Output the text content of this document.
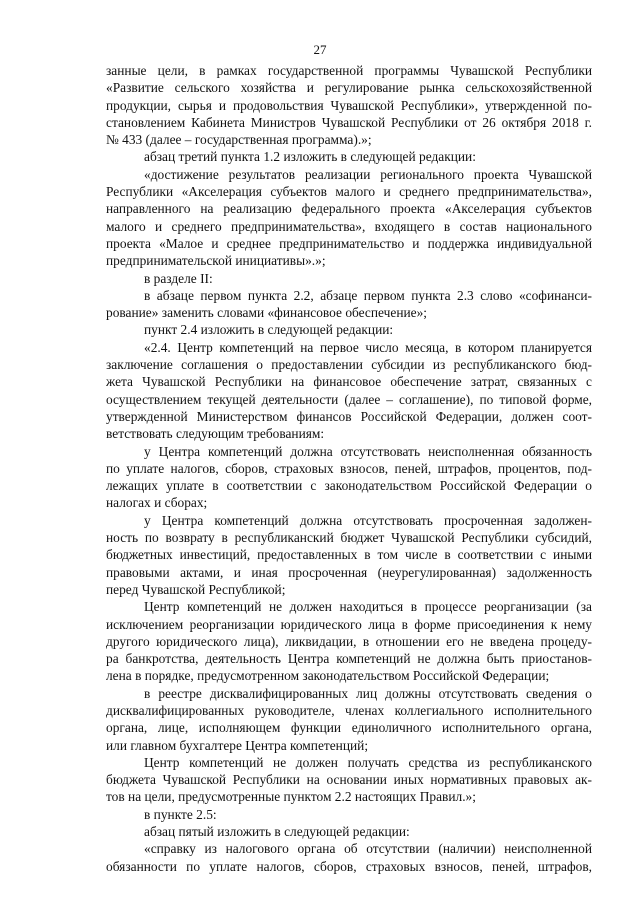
27
занные цели, в рамках государственной программы Чувашской Республики
«Развитие сельского хозяйства и регулирование рынка сельскохозяйственной
продукции, сырья и продовольствия Чувашской Республики», утвержденной по-
становлением Кабинета Министров Чувашской Республики от 26 октября 2018 г.
№ 433 (далее – государственная программа).»;
абзац третий пункта 1.2 изложить в следующей редакции:
«достижение результатов реализации регионального проекта Чувашской
Республики «Акселерация субъектов малого и среднего предпринимательства»,
направленного на реализацию федерального проекта «Акселерация субъектов
малого и среднего предпринимательства», входящего в состав национального
проекта «Малое и среднее предпринимательство и поддержка индивидуальной
предпринимательской инициативы».»;
в разделе II:
в абзаце первом пункта 2.2, абзаце первом пункта 2.3 слово «софинанси-
рование» заменить словами «финансовое обеспечение»;
пункт 2.4 изложить в следующей редакции:
«2.4. Центр компетенций на первое число месяца, в котором планируется
заключение соглашения о предоставлении субсидии из республиканского бюд-
жета Чувашской Республики на финансовое обеспечение затрат, связанных с
осуществлением текущей деятельности (далее – соглашение), по типовой форме,
утвержденной Министерством финансов Российской Федерации, должен соот-
ветствовать следующим требованиям:
у Центра компетенций должна отсутствовать неисполненная обязанность
по уплате налогов, сборов, страховых взносов, пеней, штрафов, процентов, под-
лежащих уплате в соответствии с законодательством Российской Федерации о
налогах и сборах;
у Центра компетенций должна отсутствовать просроченная задолжен-
ность по возврату в республиканский бюджет Чувашской Республики субсидий,
бюджетных инвестиций, предоставленных в том числе в соответствии с иными
правовыми актами, и иная просроченная (неурегулированная) задолженность
перед Чувашской Республикой;
Центр компетенций не должен находиться в процессе реорганизации (за
исключением реорганизации юридического лица в форме присоединения к нему
другого юридического лица), ликвидации, в отношении его не введена процеду-
ра банкротства, деятельность Центра компетенций не должна быть приостанов-
лена в порядке, предусмотренном законодательством Российской Федерации;
в реестре дисквалифицированных лиц должны отсутствовать сведения о
дисквалифицированных руководителе, членах коллегиального исполнительного
органа, лице, исполняющем функции единоличного исполнительного органа,
или главном бухгалтере Центра компетенций;
Центр компетенций не должен получать средства из республиканского
бюджета Чувашской Республики на основании иных нормативных правовых ак-
тов на цели, предусмотренные пунктом 2.2 настоящих Правил.»;
в пункте 2.5:
абзац пятый изложить в следующей редакции:
«справку из налогового органа об отсутствии (наличии) неисполненной
обязанности по уплате налогов, сборов, страховых взносов, пеней, штрафов,
